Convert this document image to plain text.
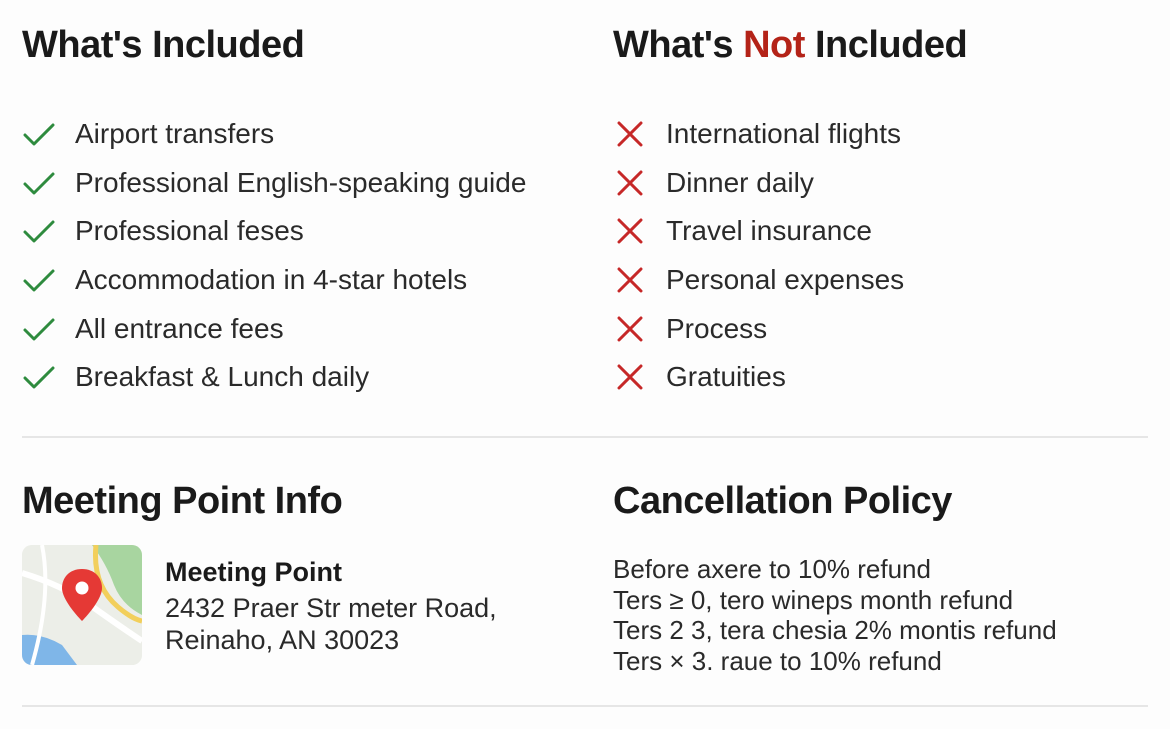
What's Included
Airport transfers
Professional English-speaking guide
Professional feses
Accommodation in 4-star hotels
All entrance fees
Breakfast & Lunch daily
What's Not Included
International flights
Dinner daily
Travel insurance
Personal expenses
Process
Gratuities
Meeting Point Info
Meeting Point
2432 Praer Str meter Road,
Reinaho, AN 30023
Cancellation Policy
Before axere to 10% refund
Ters ≥ 0, tero wineps month refund
Ters 2 3, tera chesia 2% montis refund
Ters × 3. raue to 10% refund
